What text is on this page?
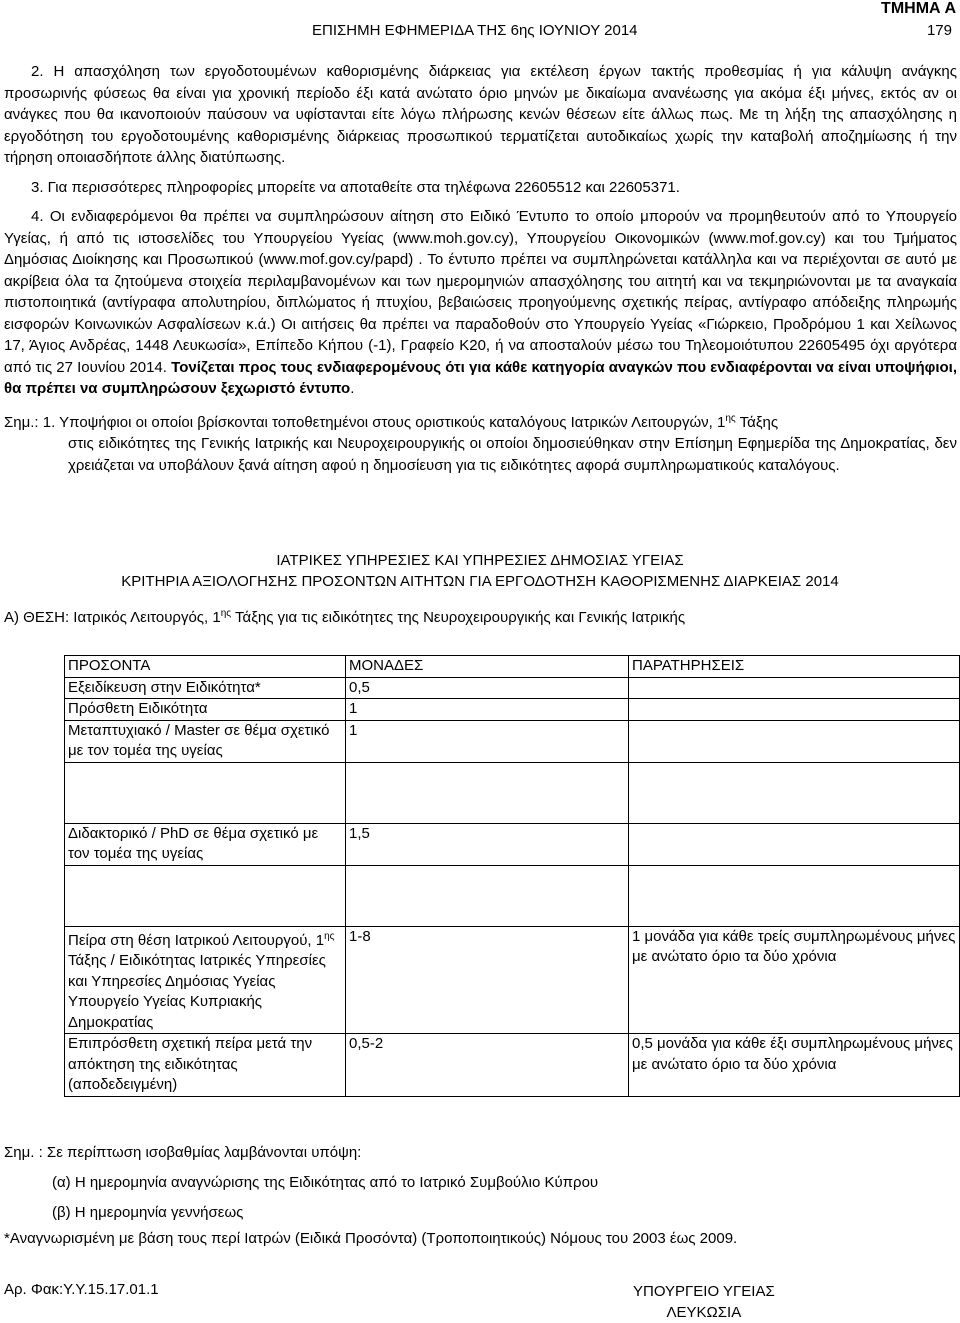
ΤΜΗΜΑ Α
ΕΠΙΣΗΜΗ ΕΦΗΜΕΡΙΔΑ ΤΗΣ 6ης ΙΟΥΝΙΟΥ 2014	179

2. Η απασχόληση των εργοδοτουμένων καθορισμένης διάρκειας για εκτέλεση έργων τακτής προθεσμίας ή για κάλυψη ανάγκης προσωρινής φύσεως θα είναι για χρονική περίοδο έξι κατά ανώτατο όριο μηνών με δικαίωμα ανανέωσης για ακόμα έξι μήνες, εκτός αν οι ανάγκες που θα ικανοποιούν παύσουν να υφίστανται είτε λόγω πλήρωσης κενών θέσεων είτε άλλως πως. Με τη λήξη της απασχόλησης η εργοδότηση του εργοδοτουμένης καθορισμένης διάρκειας προσωπικού τερματίζεται αυτοδικαίως χωρίς την καταβολή αποζημίωσης ή την τήρηση οποιασδήποτε άλλης διατύπωσης.

3. Για περισσότερες πληροφορίες μπορείτε να αποταθείτε στα τηλέφωνα 22605512 και 22605371.

4. Οι ενδιαφερόμενοι θα πρέπει να συμπληρώσουν αίτηση στο Ειδικό Έντυπο το οποίο μπορούν να προμηθευτούν από το Υπουργείο Υγείας, ή από τις ιστοσελίδες του Υπουργείου Υγείας (www.moh.gov.cy), Υπουργείου Οικονομικών (www.mof.gov.cy) και του Τμήματος Δημόσιας Διοίκησης και Προσωπικού (www.mof.gov.cy/papd) . Το έντυπο πρέπει να συμπληρώνεται κατάλληλα και να περιέχονται σε αυτό με ακρίβεια όλα τα ζητούμενα στοιχεία περιλαμβανομένων και των ημερομηνιών απασχόλησης του αιτητή και να τεκμηριώνονται με τα αναγκαία πιστοποιητικά (αντίγραφα απολυτηρίου, διπλώματος ή πτυχίου, βεβαιώσεις προηγούμενης σχετικής πείρας, αντίγραφο απόδειξης πληρωμής εισφορών Κοινωνικών Ασφαλίσεων κ.ά.) Οι αιτήσεις θα πρέπει να παραδοθούν στο Υπουργείο Υγείας «Γιώρκειο, Προδρόμου 1 και Χείλωνος 17, Άγιος Ανδρέας, 1448 Λευκωσία», Επίπεδο Κήπου (-1), Γραφείο Κ20, ή να αποσταλούν μέσω του Τηλεομοιότυπου 22605495 όχι αργότερα από τις 27 Ιουνίου 2014. Τονίζεται προς τους ενδιαφερομένους ότι για κάθε κατηγορία αναγκών που ενδιαφέρονται να είναι υποψήφιοι, θα πρέπει να συμπληρώσουν ξεχωριστό έντυπο.

Σημ.: 1. Υποψήφιοι οι οποίοι βρίσκονται τοποθετημένοι στους οριστικούς καταλόγους Ιατρικών Λειτουργών, $1^{\eta\varsigma}$ Τάξης

στις ειδικότητες της Γενικής Ιατρικής και Νευροχειρουργικής οι οποίοι δημοσιεύθηκαν στην Επίσημη Εφημερίδα της Δημοκρατίας, δεν χρειάζεται να υποβάλουν ξανά αίτηση αφού η δημοσίευση για τις ειδικότητες αφορά συμπληρωματικούς καταλόγους.

ΙΑΤΡΙΚΕΣ ΥΠΗΡΕΣΙΕΣ ΚΑΙ ΥΠΗΡΕΣΙΕΣ ΔΗΜΟΣΙΑΣ ΥΓΕΙΑΣ
ΚΡΙΤΗΡΙΑ ΑΞΙΟΛΟΓΗΣΗΣ ΠΡΟΣΟΝΤΩΝ ΑΙΤΗΤΩΝ ΓΙΑ ΕΡΓΟΔΟΤΗΣΗ ΚΑΘΟΡΙΣΜΕΝΗΣ ΔΙΑΡΚΕΙΑΣ 2014
Α) ΘΕΣΗ: Ιατρικός Λειτουργός, $1^{\eta\varsigma}$ Τάξης για τις ειδικότητες της Νευροχειρουργικής και Γενικής Ιατρικής
ΠΡΟΣΟΝΤΑ	ΜΟΝΑΔΕΣ	ΠΑΡΑΤΗΡΗΣΕΙΣ
Εξειδίκευση στην Ειδικότητα*	0,5	
Πρόσθετη Ειδικότητα	1	
Μεταπτυχιακό / Master σε θέμα σχετικό με τον τομέα της υγείας	1	

Διδακτορικό / PhD σε θέμα σχετικό με τον τομέα της υγείας	1,5	

Πείρα στη θέση Ιατρικού Λειτουργού, $1^{\eta\varsigma}$ Τάξης / Ειδικότητας Ιατρικές Υπηρεσίες και Υπηρεσίες Δημόσιας Υγείας Υπουργείο Υγείας Κυπριακής Δημοκρατίας	1-8	1 μονάδα για κάθε τρείς συμπληρωμένους μήνες με ανώτατο όριο τα δύο χρόνια
Επιπρόσθετη σχετική πείρα μετά την απόκτηση της ειδικότητας (αποδεδειγμένη)	0,5-2	0,5 μονάδα για κάθε έξι συμπληρωμένους μήνες με ανώτατο όριο τα δύο χρόνια

Σημ. : Σε περίπτωση ισοβαθμίας λαμβάνονται υπόψη:

(α) Η ημερομηνία αναγνώρισης της Ειδικότητας από το Ιατρικό Συμβούλιο Κύπρου

(β) Η ημερομηνία γεννήσεως

*Αναγνωρισμένη με βάση τους περί Ιατρών (Ειδικά Προσόντα) (Τροποποιητικούς) Νόμους του 2003 έως 2009.

Αρ. Φακ:Υ.Υ.15.17.01.1	ΥΠΟΥΡΓΕΙΟ ΥΓΕΙΑΣ
ΛΕΥΚΩΣΙΑ
